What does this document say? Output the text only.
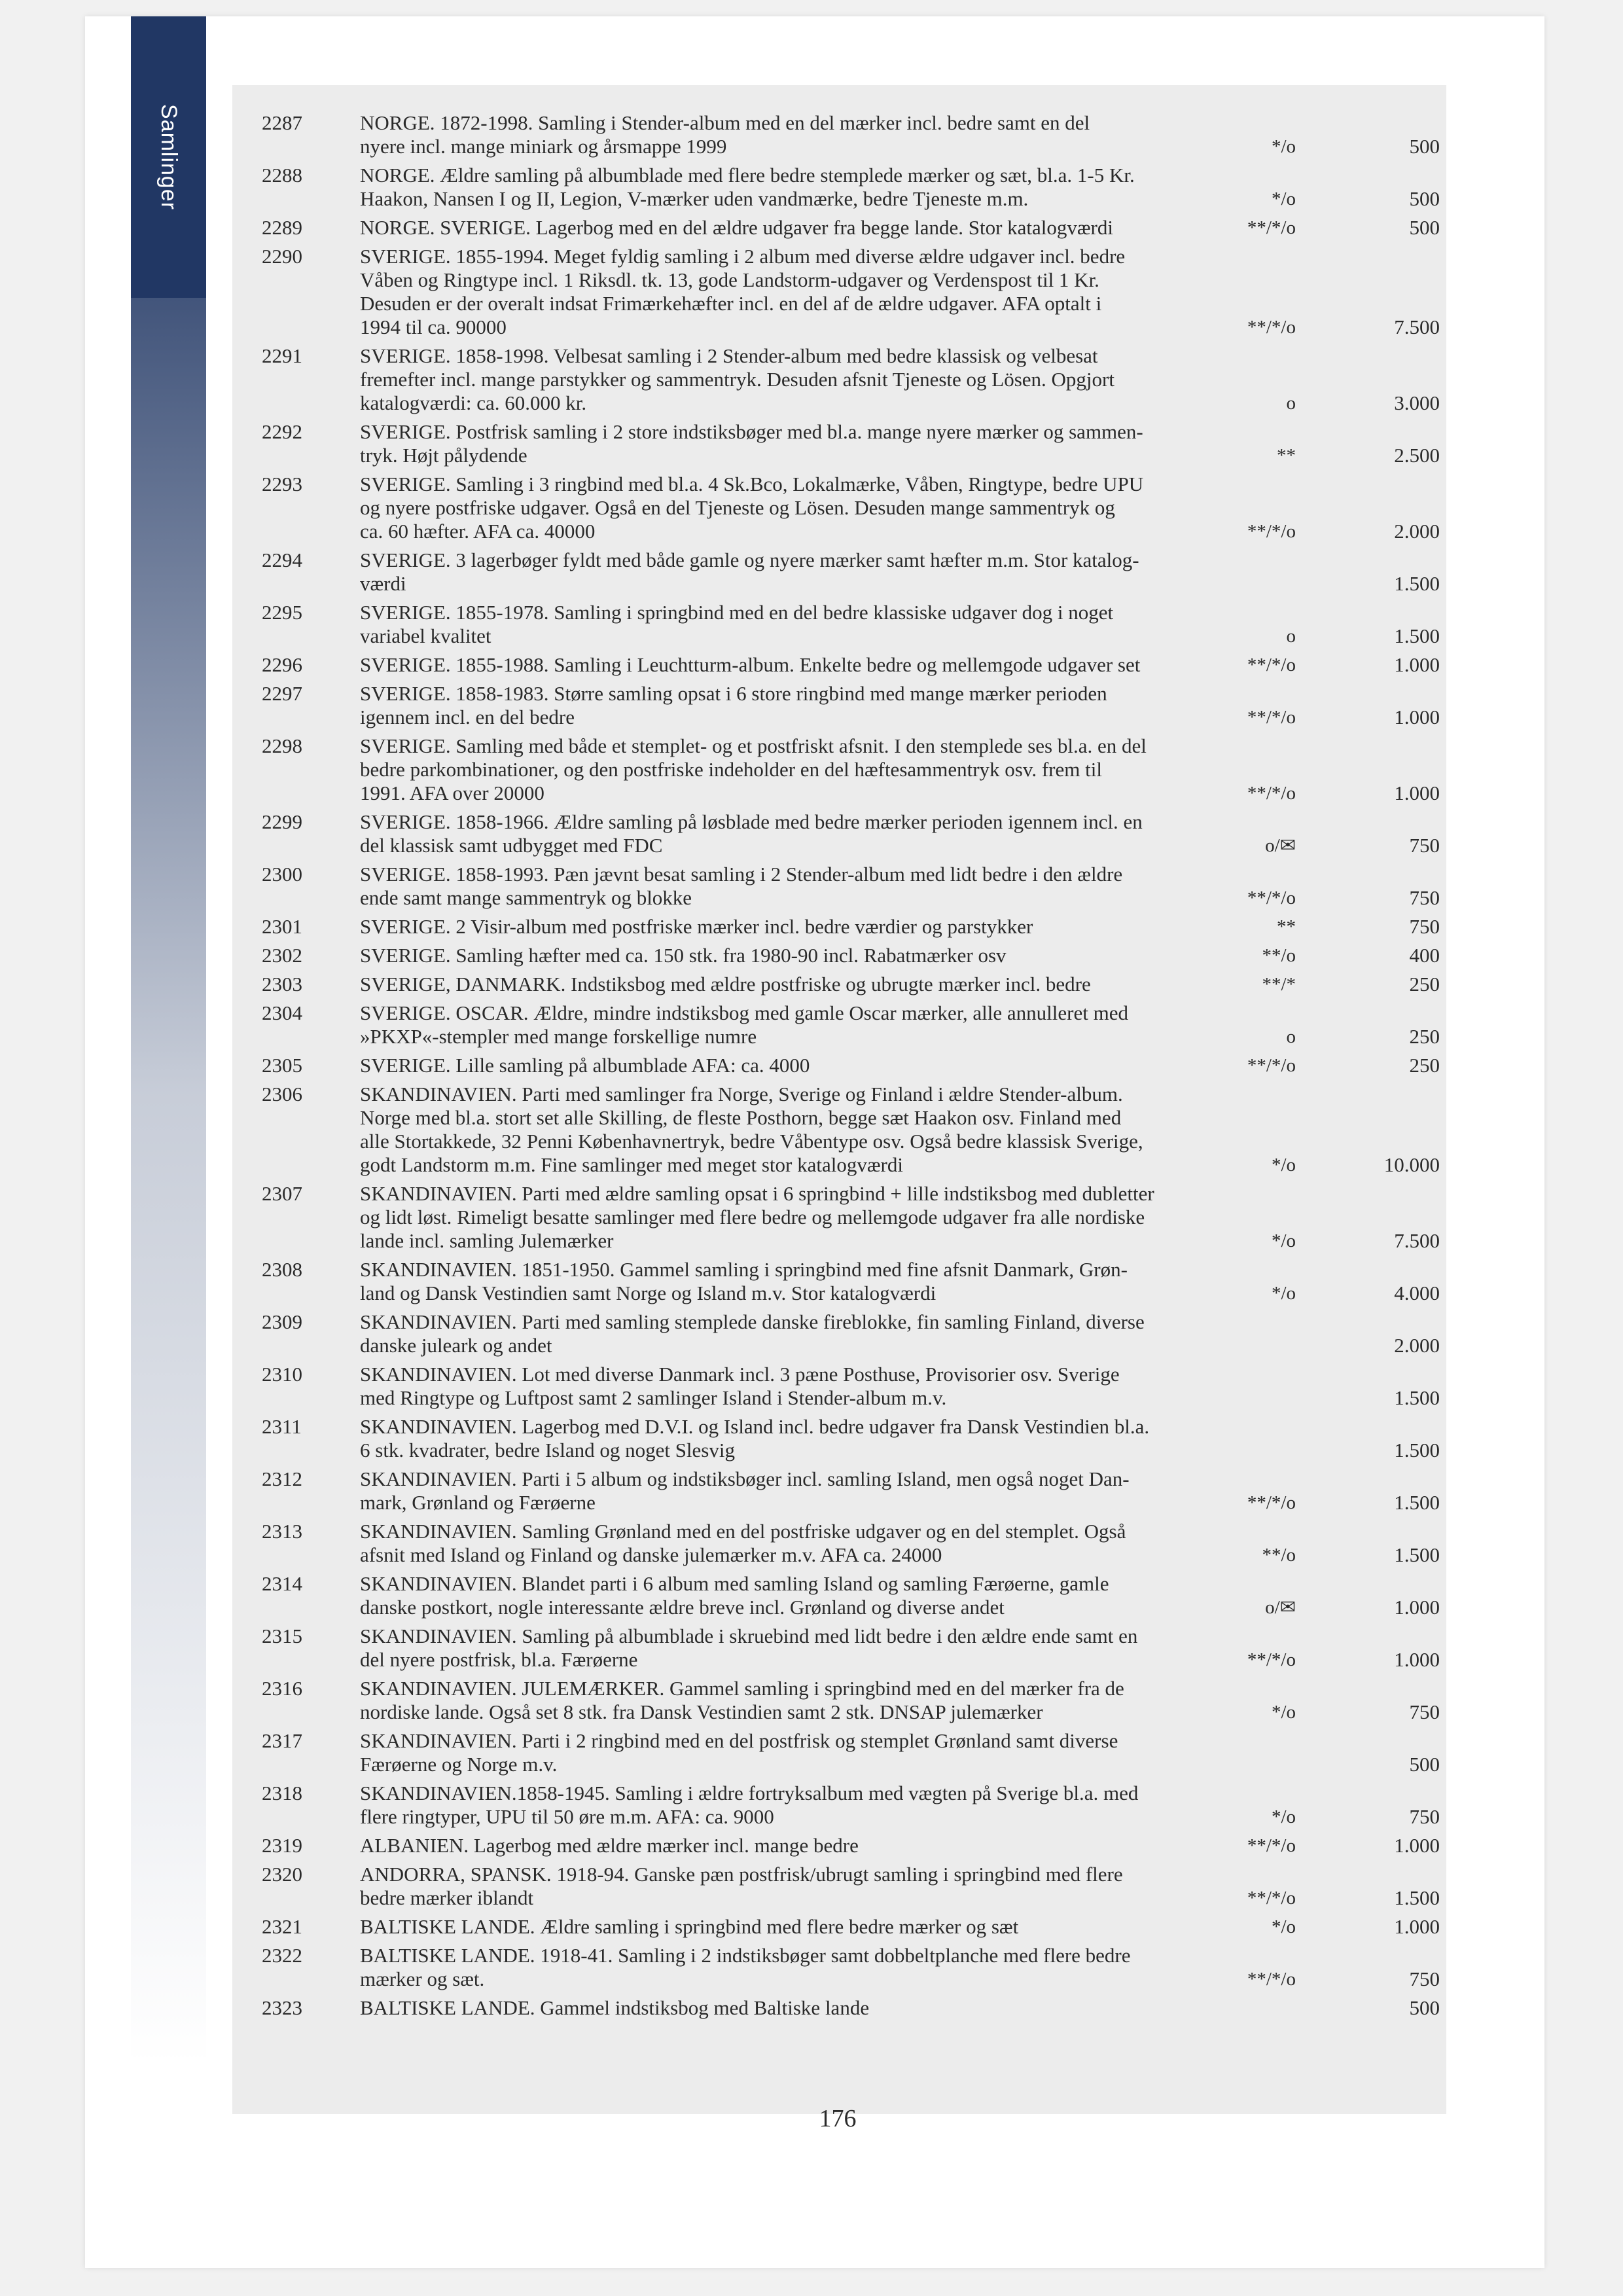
Samlinger	2287	NORGE. 1872-1998. Samling i Stender-album med en del mærker incl. bedre samt en del
nyere incl. mange miniark og årsmappe 1999	*/o	500
2288	NORGE. Ældre samling på albumblade med flere bedre stemplede mærker og sæt, bl.a. 1-5 Kr.
Haakon, Nansen I og II, Legion, V-mærker uden vandmærke, bedre Tjeneste m.m.	*/o	500
2289	NORGE. SVERIGE. Lagerbog med en del ældre udgaver fra begge lande. Stor katalogværdi	**/*/o	500
2290	SVERIGE. 1855-1994. Meget fyldig samling i 2 album med diverse ældre udgaver incl. bedre
Våben og Ringtype incl. 1 Riksdl. tk. 13, gode Landstorm-udgaver og Verdenspost til 1 Kr.
Desuden er der overalt indsat Frimærkehæfter incl. en del af de ældre udgaver. AFA optalt i
1994 til ca. 90000	**/*/o	7.500
2291	SVERIGE. 1858-1998. Velbesat samling i 2 Stender-album med bedre klassisk og velbesat
fremefter incl. mange parstykker og sammentryk. Desuden afsnit Tjeneste og Lösen. Opgjort
katalogværdi: ca. 60.000 kr.	o	3.000
2292	SVERIGE. Postfrisk samling i 2 store indstiksbøger med bl.a. mange nyere mærker og sammen-
tryk. Højt pålydende	**	2.500
2293	SVERIGE. Samling i 3 ringbind med bl.a. 4 Sk.Bco, Lokalmærke, Våben, Ringtype, bedre UPU
og nyere postfriske udgaver. Også en del Tjeneste og Lösen. Desuden mange sammentryk og
ca. 60 hæfter. AFA ca. 40000	**/*/o	2.000
2294	SVERIGE. 3 lagerbøger fyldt med både gamle og nyere mærker samt hæfter m.m. Stor katalog-
værdi	1.500
2295	SVERIGE. 1855-1978. Samling i springbind med en del bedre klassiske udgaver dog i noget
variabel kvalitet	o	1.500
2296	SVERIGE. 1855-1988. Samling i Leuchtturm-album. Enkelte bedre og mellemgode udgaver set	**/*/o	1.000
2297	SVERIGE. 1858-1983. Større samling opsat i 6 store ringbind med mange mærker perioden
igennem incl. en del bedre	**/*/o	1.000
2298	SVERIGE. Samling med både et stemplet- og et postfriskt afsnit. I den stemplede ses bl.a. en del
bedre parkombinationer, og den postfriske indeholder en del hæftesammentryk osv. frem til
1991. AFA over 20000	**/*/o	1.000
2299	SVERIGE. 1858-1966. Ældre samling på løsblade med bedre mærker perioden igennem incl. en
del klassisk samt udbygget med FDC	o/✉	750
2300	SVERIGE. 1858-1993. Pæn jævnt besat samling i 2 Stender-album med lidt bedre i den ældre
ende samt mange sammentryk og blokke	**/*/o	750
2301	SVERIGE. 2 Visir-album med postfriske mærker incl. bedre værdier og parstykker	**	750
2302	SVERIGE. Samling hæfter med ca. 150 stk. fra 1980-90 incl. Rabatmærker osv	**/o	400
2303	SVERIGE, DANMARK. Indstiksbog med ældre postfriske og ubrugte mærker incl. bedre	**/*	250
2304	SVERIGE. OSCAR. Ældre, mindre indstiksbog med gamle Oscar mærker, alle annulleret med
»PKXP«-stempler med mange forskellige numre	o	250
2305	SVERIGE. Lille samling på albumblade AFA: ca. 4000	**/*/o	250
2306	SKANDINAVIEN. Parti med samlinger fra Norge, Sverige og Finland i ældre Stender-album.
Norge med bl.a. stort set alle Skilling, de fleste Posthorn, begge sæt Haakon osv. Finland med
alle Stortakkede, 32 Penni Københavnertryk, bedre Våbentype osv. Også bedre klassisk Sverige,
godt Landstorm m.m. Fine samlinger med meget stor katalogværdi	*/o	10.000
2307	SKANDINAVIEN. Parti med ældre samling opsat i 6 springbind + lille indstiksbog med dubletter
og lidt løst. Rimeligt besatte samlinger med flere bedre og mellemgode udgaver fra alle nordiske
lande incl. samling Julemærker	*/o	7.500
2308	SKANDINAVIEN. 1851-1950. Gammel samling i springbind med fine afsnit Danmark, Grøn-
land og Dansk Vestindien samt Norge og Island m.v. Stor katalogværdi	*/o	4.000
2309	SKANDINAVIEN. Parti med samling stemplede danske fireblokke, fin samling Finland, diverse
danske juleark og andet	2.000
2310	SKANDINAVIEN. Lot med diverse Danmark incl. 3 pæne Posthuse, Provisorier osv. Sverige
med Ringtype og Luftpost samt 2 samlinger Island i Stender-album m.v.	1.500
2311	SKANDINAVIEN. Lagerbog med D.V.I. og Island incl. bedre udgaver fra Dansk Vestindien bl.a.
6 stk. kvadrater, bedre Island og noget Slesvig	1.500
2312	SKANDINAVIEN. Parti i 5 album og indstiksbøger incl. samling Island, men også noget Dan-
mark, Grønland og Færøerne	**/*/o	1.500
2313	SKANDINAVIEN. Samling Grønland med en del postfriske udgaver og en del stemplet. Også
afsnit med Island og Finland og danske julemærker m.v. AFA ca. 24000	**/o	1.500
2314	SKANDINAVIEN. Blandet parti i 6 album med samling Island og samling Færøerne, gamle
danske postkort, nogle interessante ældre breve incl. Grønland og diverse andet	o/✉	1.000
2315	SKANDINAVIEN. Samling på albumblade i skruebind med lidt bedre i den ældre ende samt en
del nyere postfrisk, bl.a. Færøerne	**/*/o	1.000
2316	SKANDINAVIEN. JULEMÆRKER. Gammel samling i springbind med en del mærker fra de
nordiske lande. Også set 8 stk. fra Dansk Vestindien samt 2 stk. DNSAP julemærker	*/o	750
2317	SKANDINAVIEN. Parti i 2 ringbind med en del postfrisk og stemplet Grønland samt diverse
Færøerne og Norge m.v.	500
2318	SKANDINAVIEN.1858-1945. Samling i ældre fortryksalbum med vægten på Sverige bl.a. med
flere ringtyper, UPU til 50 øre m.m. AFA: ca. 9000	*/o	750
2319	ALBANIEN. Lagerbog med ældre mærker incl. mange bedre	**/*/o	1.000
2320	ANDORRA, SPANSK. 1918-94. Ganske pæn postfrisk/ubrugt samling i springbind med flere
bedre mærker iblandt	**/*/o	1.500
2321	BALTISKE LANDE. Ældre samling i springbind med flere bedre mærker og sæt	*/o	1.000
2322	BALTISKE LANDE. 1918-41. Samling i 2 indstiksbøger samt dobbeltplanche med flere bedre
mærker og sæt.	**/*/o	750
2323	BALTISKE LANDE. Gammel indstiksbog med Baltiske lande	500
176
